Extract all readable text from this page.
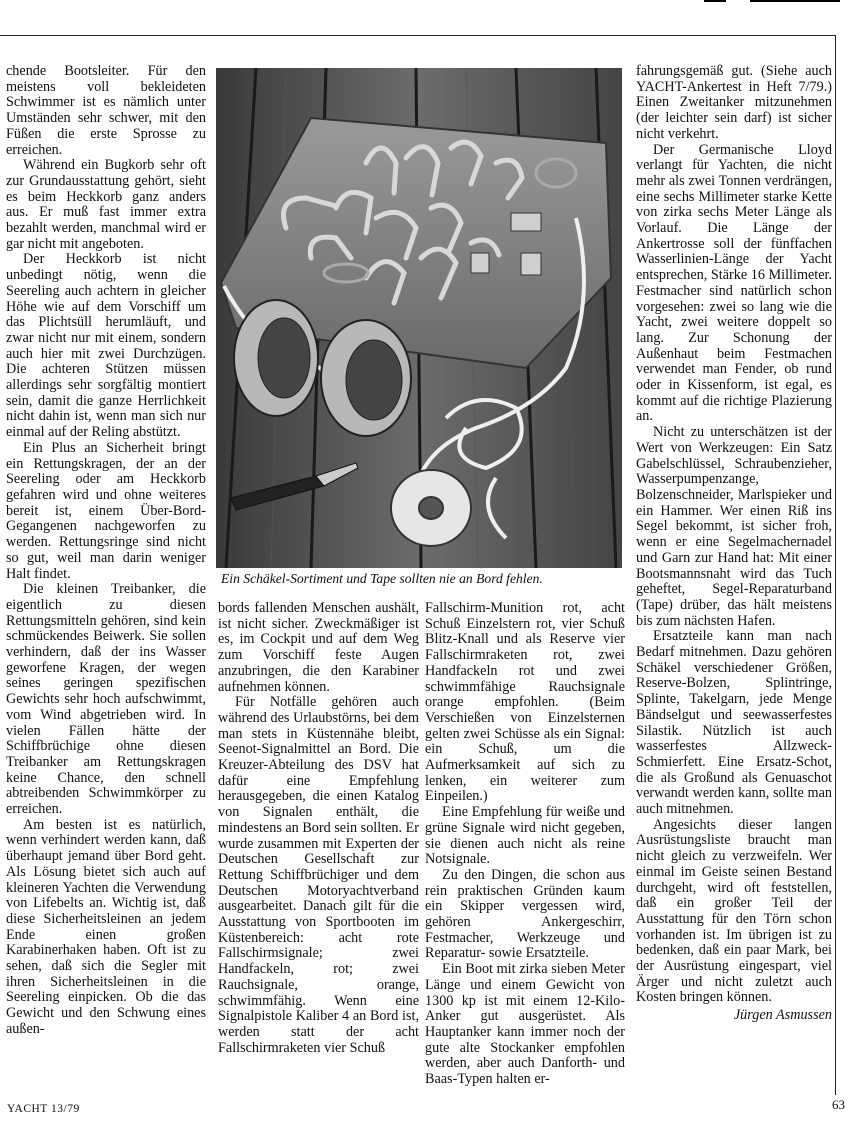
chende Bootsleiter. Für den meistens voll bekleideten Schwimmer ist es nämlich unter Umständen sehr schwer, mit den Füßen die erste Sprosse zu erreichen.

Während ein Bugkorb sehr oft zur Grundausstattung gehört, sieht es beim Heckkorb ganz anders aus. Er muß fast immer extra bezahlt werden, manchmal wird er gar nicht mit angeboten.

Der Heckkorb ist nicht unbedingt nötig, wenn die Seereling auch achtern in gleicher Höhe wie auf dem Vorschiff um das Plichtsüll herumläuft, und zwar nicht nur mit einem, sondern auch hier mit zwei Durchzügen. Die achteren Stützen müssen allerdings sehr sorgfältig montiert sein, damit die ganze Herrlichkeit nicht dahin ist, wenn man sich nur einmal auf der Reling abstützt.

Ein Plus an Sicherheit bringt ein Rettungskragen, der an der Seereling oder am Heckkorb gefahren wird und ohne weiteres bereit ist, einem Über-Bord-Gegangenen nachgeworfen zu werden. Rettungsringe sind nicht so gut, weil man darin weniger Halt findet.

Die kleinen Treibanker, die eigentlich zu diesen Rettungsmitteln gehören, sind kein schmückendes Beiwerk. Sie sollen verhindern, daß der ins Wasser geworfene Kragen, der wegen seines geringen spezifischen Gewichts sehr hoch aufschwimmt, vom Wind abgetrieben wird. In vielen Fällen hätte der Schiffbrüchige ohne diesen Treibanker am Rettungskragen keine Chance, den schnell abtreibenden Schwimmkörper zu erreichen.

Am besten ist es natürlich, wenn verhindert werden kann, daß überhaupt jemand über Bord geht. Als Lösung bietet sich auch auf kleineren Yachten die Verwendung von Lifebelts an. Wichtig ist, daß diese Sicherheitsleinen an jedem Ende einen großen Karabinerhaken haben. Oft ist zu sehen, daß sich die Segler mit ihren Sicherheitsleinen in die Seereling einpicken. Ob die das Gewicht und den Schwung eines außen-

Ein Schäkel-Sortiment und Tape sollten nie an Bord fehlen.

bords fallenden Menschen aushält, ist nicht sicher. Zweckmäßiger ist es, im Cockpit und auf dem Weg zum Vorschiff feste Augen anzubringen, die den Karabiner aufnehmen können.

Für Notfälle gehören auch während des Urlaubstörns, bei dem man stets in Küstennähe bleibt, Seenot-Signalmittel an Bord. Die Kreuzer-Abteilung des DSV hat dafür eine Empfehlung herausgegeben, die einen Katalog von Signalen enthält, die mindestens an Bord sein sollten. Er wurde zusammen mit Experten der Deutschen Gesellschaft zur Rettung Schiffbrüchiger und dem Deutschen Motoryachtverband ausgearbeitet. Danach gilt für die Ausstattung von Sportbooten im Küstenbereich: acht rote Fallschirmsignale; zwei Handfackeln, rot; zwei Rauchsignale, orange, schwimmfähig. Wenn eine Signalpistole Kaliber 4 an Bord ist, werden statt der acht Fallschirmraketen vier Schuß

Fallschirm-Munition rot, acht Schuß Einzelstern rot, vier Schuß Blitz-Knall und als Reserve vier Fallschirmraketen rot, zwei Handfackeln rot und zwei schwimmfähige Rauchsignale orange empfohlen. (Beim Verschießen von Einzelsternen gelten zwei Schüsse als ein Signal: ein Schuß, um die Aufmerksamkeit auf sich zu lenken, ein weiterer zum Einpeilen.)

Eine Empfehlung für weiße und grüne Signale wird nicht gegeben, sie dienen auch nicht als reine Notsignale.

Zu den Dingen, die schon aus rein praktischen Gründen kaum ein Skipper vergessen wird, gehören Ankergeschirr, Festmacher, Werkzeuge und Reparatur- sowie Ersatzteile.

Ein Boot mit zirka sieben Meter Länge und einem Gewicht von 1300 kp ist mit einem 12-Kilo-Anker gut ausgerüstet. Als Hauptanker kann immer noch der gute alte Stockanker empfohlen werden, aber auch Danforth- und Baas-Typen halten er-

fahrungsgemäß gut. (Siehe auch YACHT-Ankertest in Heft 7/79.) Einen Zweitanker mitzunehmen (der leichter sein darf) ist sicher nicht verkehrt.

Der Germanische Lloyd verlangt für Yachten, die nicht mehr als zwei Tonnen verdrängen, eine sechs Millimeter starke Kette von zirka sechs Meter Länge als Vorlauf. Die Länge der Ankertrosse soll der fünffachen Wasserlinien-Länge der Yacht entsprechen, Stärke 16 Millimeter. Festmacher sind natürlich schon vorgesehen: zwei so lang wie die Yacht, zwei weitere doppelt so lang. Zur Schonung der Außenhaut beim Festmachen verwendet man Fender, ob rund oder in Kissenform, ist egal, es kommt auf die richtige Plazierung an.

Nicht zu unterschätzen ist der Wert von Werkzeugen: Ein Satz Gabelschlüssel, Schraubenzieher, Wasserpumpenzange, Bolzenschneider, Marlspieker und ein Hammer. Wer einen Riß ins Segel bekommt, ist sicher froh, wenn er eine Segelmachernadel und Garn zur Hand hat: Mit einer Bootsmannsnaht wird das Tuch geheftet, Segel-Reparaturband (Tape) drüber, das hält meistens bis zum nächsten Hafen.

Ersatzteile kann man nach Bedarf mitnehmen. Dazu gehören Schäkel verschiedener Größen, Reserve-Bolzen, Splintringe, Splinte, Takelgarn, jede Menge Bändselgut und seewasserfestes Silastik. Nützlich ist auch wasserfestes Allzweck-Schmierfett. Eine Ersatz-Schot, die als Großund als Genuaschot verwandt werden kann, sollte man auch mitnehmen.

Angesichts dieser langen Ausrüstungsliste braucht man nicht gleich zu verzweifeln. Wer einmal im Geiste seinen Bestand durchgeht, wird oft feststellen, daß ein großer Teil der Ausstattung für den Törn schon vorhanden ist. Im übrigen ist zu bedenken, daß ein paar Mark, bei der Ausrüstung eingespart, viel Ärger und nicht zuletzt auch Kosten bringen können.

Jürgen Asmussen
YACHT 13/79	63
